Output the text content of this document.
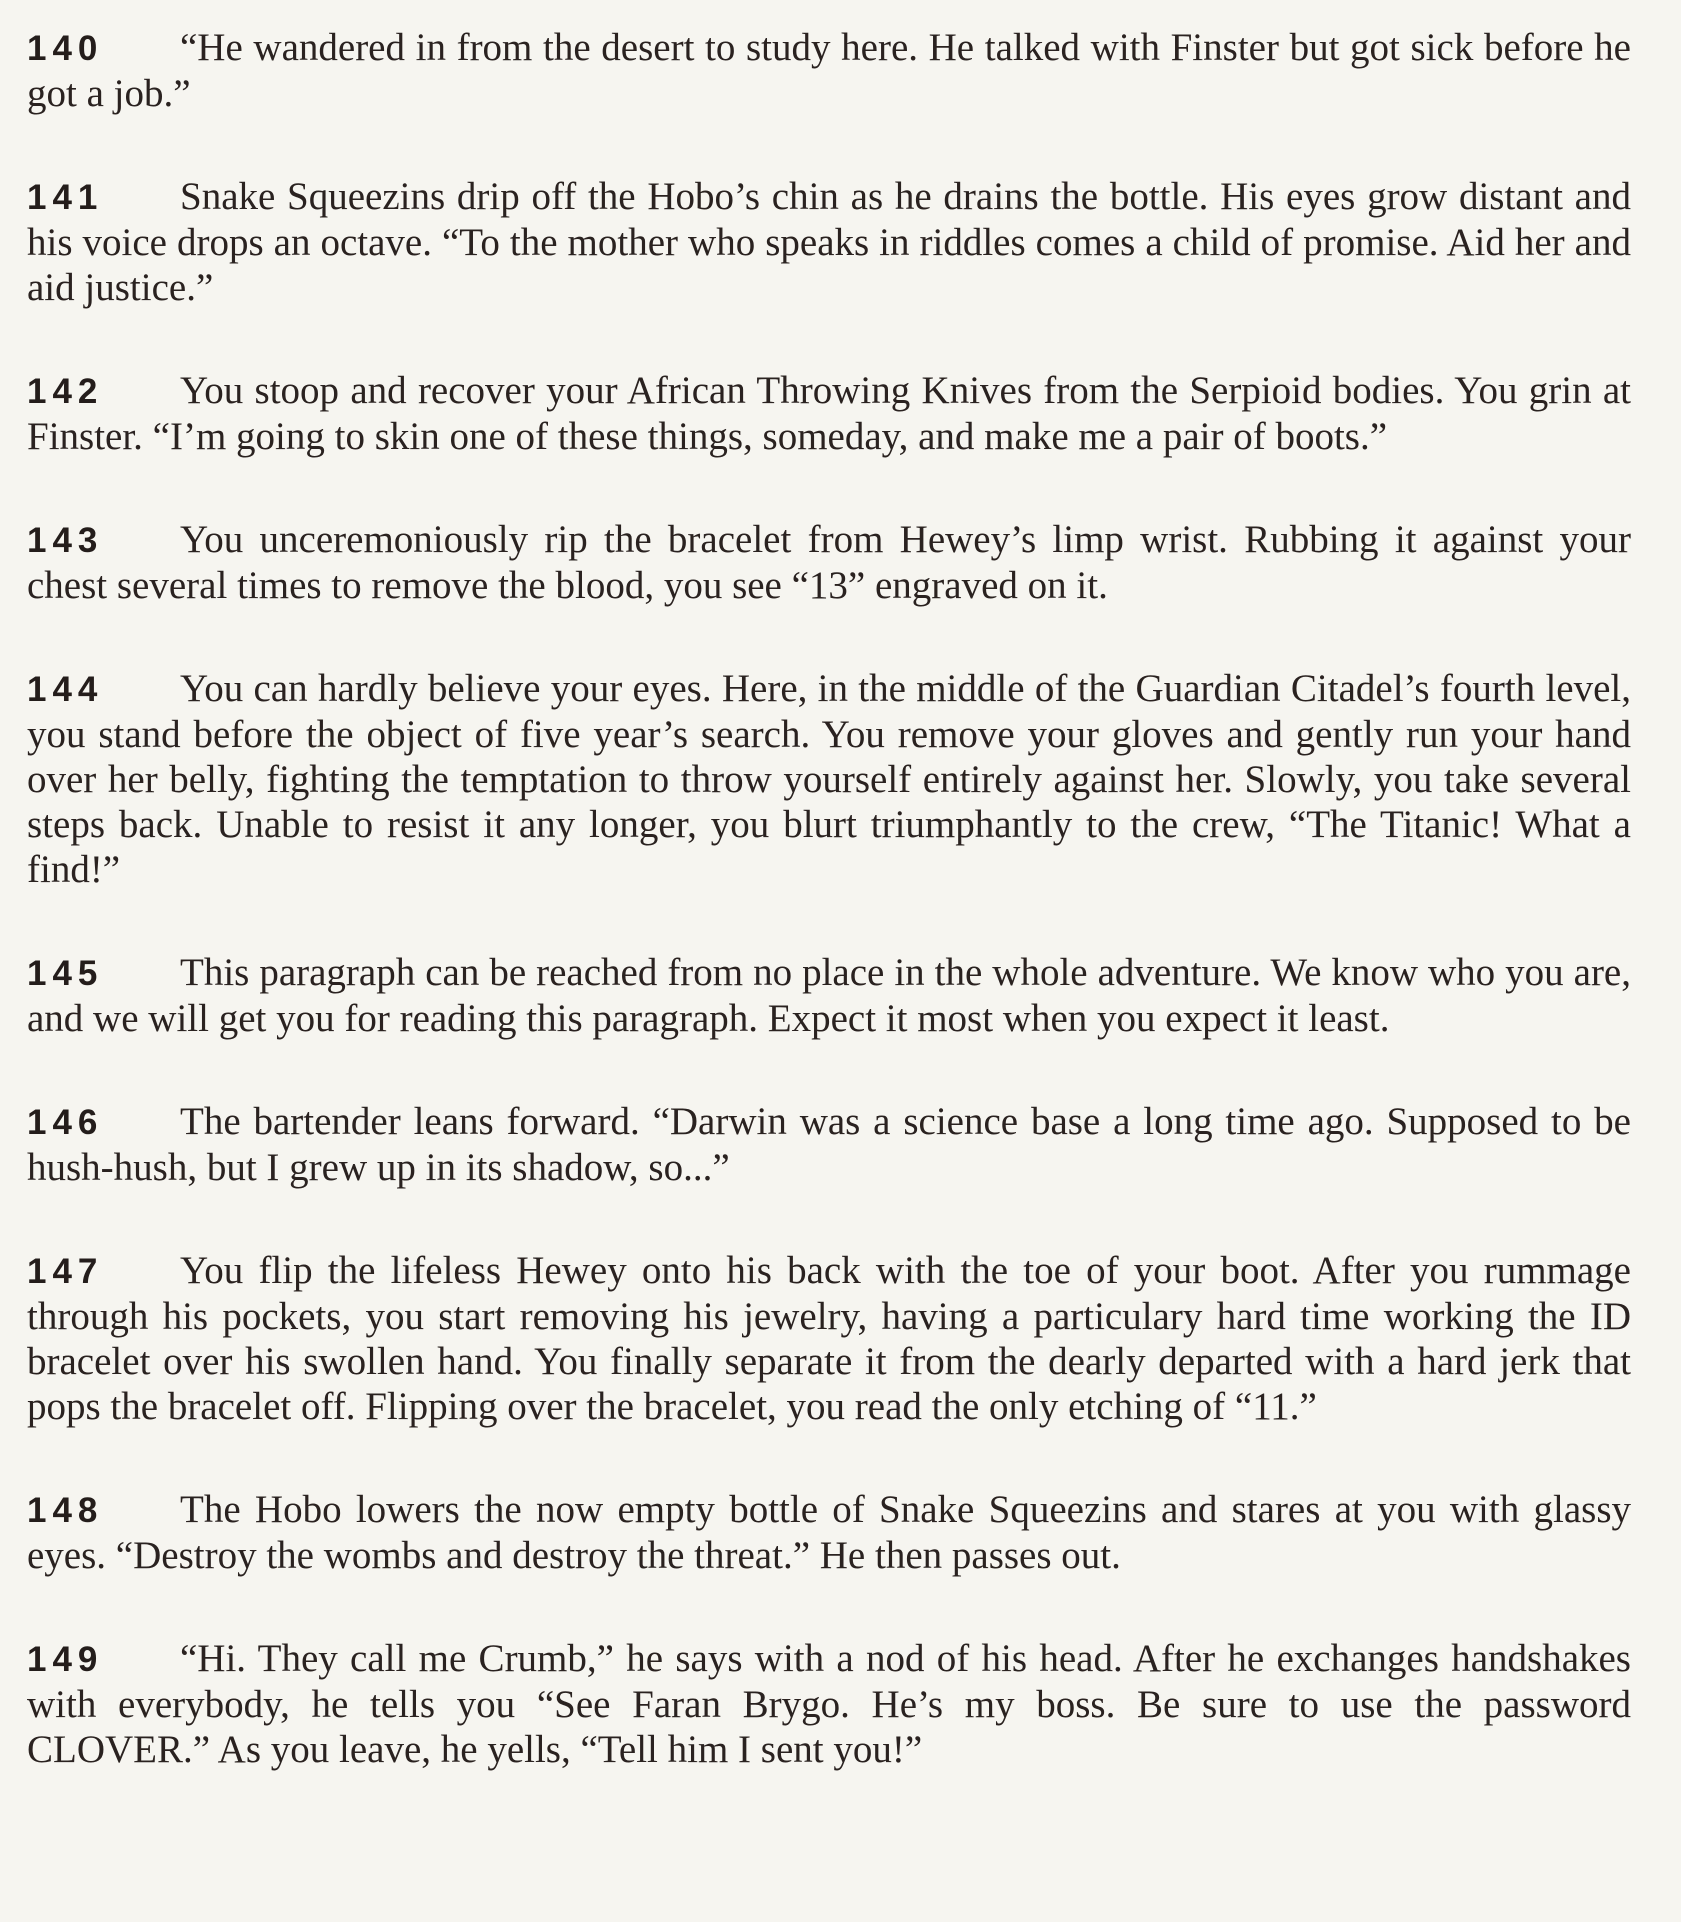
140 “He wandered in from the desert to study here. He talked with Finster but got sick before he got a job.”

141 Snake Squeezins drip off the Hobo’s chin as he drains the bottle. His eyes grow distant and his voice drops an octave. “To the mother who speaks in riddles comes a child of promise. Aid her and aid justice.”

142 You stoop and recover your African Throwing Knives from the Serpioid bodies. You grin at Finster. “I’m going to skin one of these things, someday, and make me a pair of boots.”

143 You unceremoniously rip the bracelet from Hewey’s limp wrist. Rubbing it against your chest several times to remove the blood, you see “13” engraved on it.

144 You can hardly believe your eyes. Here, in the middle of the Guardian Citadel’s fourth level, you stand before the object of five year’s search. You remove your gloves and gently run your hand over her belly, fighting the temptation to throw yourself entirely against her. Slowly, you take several steps back. Unable to resist it any longer, you blurt triumphantly to the crew, “The Titanic! What a find!”

145 This paragraph can be reached from no place in the whole adventure. We know who you are, and we will get you for reading this paragraph. Expect it most when you expect it least.

146 The bartender leans forward. “Darwin was a science base a long time ago. Supposed to be hush-hush, but I grew up in its shadow, so...”

147 You flip the lifeless Hewey onto his back with the toe of your boot. After you rummage through his pockets, you start removing his jewelry, having a particulary hard time working the ID bracelet over his swollen hand. You finally separate it from the dearly departed with a hard jerk that pops the bracelet off. Flipping over the bracelet, you read the only etching of “11.”

148 The Hobo lowers the now empty bottle of Snake Squeezins and stares at you with glassy eyes. “Destroy the wombs and destroy the threat.” He then passes out.

149 “Hi. They call me Crumb,” he says with a nod of his head. After he exchanges handshakes with everybody, he tells you “See Faran Brygo. He’s my boss. Be sure to use the password CLOVER.” As you leave, he yells, “Tell him I sent you!”
